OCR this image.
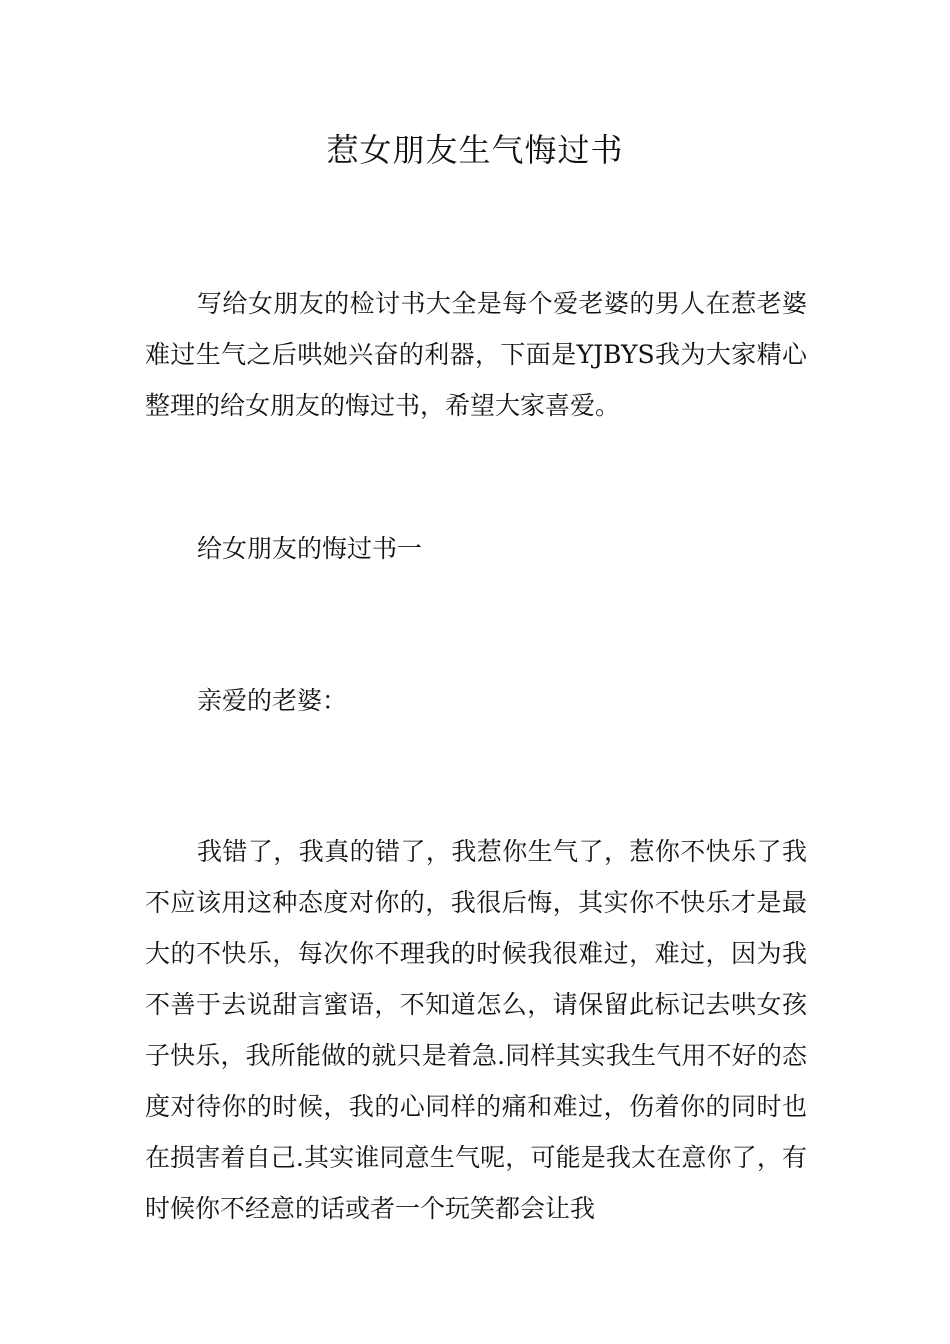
惹女朋友生气悔过书

写给女朋友的检讨书大全是每个爱老婆的男人在惹老婆难过生气之后哄她兴奋的利器，下面是YJBYS我为大家精心整理的给女朋友的悔过书，希望大家喜爱。

给女朋友的悔过书一

亲爱的老婆：

我错了，我真的错了，我惹你生气了，惹你不快乐了我不应该用这种态度对你的，我很后悔，其实你不快乐才是最大的不快乐，每次你不理我的时候我很难过，难过，因为我不善于去说甜言蜜语，不知道怎么，请保留此标记去哄女孩子快乐，我所能做的就只是着急.同样其实我生气用不好的态度对待你的时候，我的心同样的痛和难过，伤着你的同时也在损害着自己.其实谁同意生气呢，可能是我太在意你了，有时候你不经意的话或者一个玩笑都会让我
